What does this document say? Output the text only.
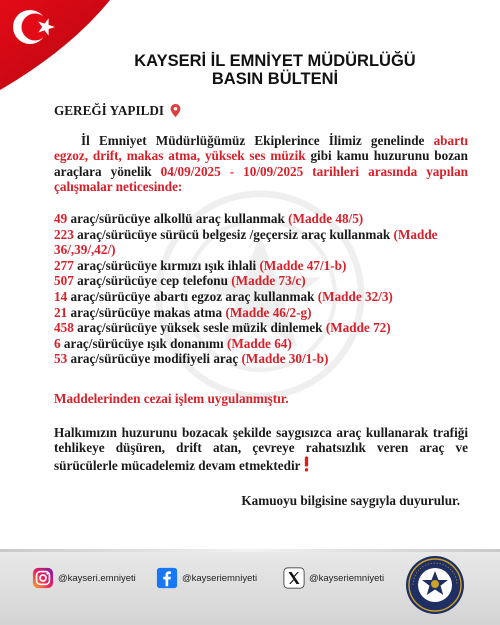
KAYSERİ İL EMNİYET MÜDÜRLÜĞÜ
BASIN BÜLTENİ

GEREĞİ YAPILDI

İl Emniyet Müdürlüğümüz Ekiplerince İlimiz genelinde abartı egzoz, drift, makas atma, yüksek ses müzik gibi kamu huzurunu bozan araçlara yönelik 04/09/2025 - 10/09/2025 tarihleri arasında yapılan çalışmalar neticesinde:

49 araç/sürücüye alkollü araç kullanmak (Madde 48/5)
223 araç/sürücüye sürücü belgesiz /geçersiz araç kullanmak (Madde 36/,39/,42/)
277 araç/sürücüye kırmızı ışık ihlali (Madde 47/1-b)
507 araç/sürücüye cep telefonu (Madde 73/c)
14 araç/sürücüye abartı egzoz araç kullanmak (Madde 32/3)
21 araç/sürücüye makas atma (Madde 46/2-g)
458 araç/sürücüye yüksek sesle müzik dinlemek (Madde 72)
6 araç/sürücüye ışık donanımı (Madde 64)
53 araç/sürücüye modifiyeli araç (Madde 30/1-b)

Maddelerinden cezai işlem uygulanmıştır.

Halkımızın huzurunu bozacak şekilde saygısızca araç kullanarak trafiği tehlikeye düşüren, drift atan, çevreye rahatsızlık veren araç ve sürücülerle mücadelemiz devam etmektedir

Kamuoyu bilgisine saygıyla duyurulur.

@kayseri.emniyeti	@kayseriemniyeti	@kayseriemniyeti
